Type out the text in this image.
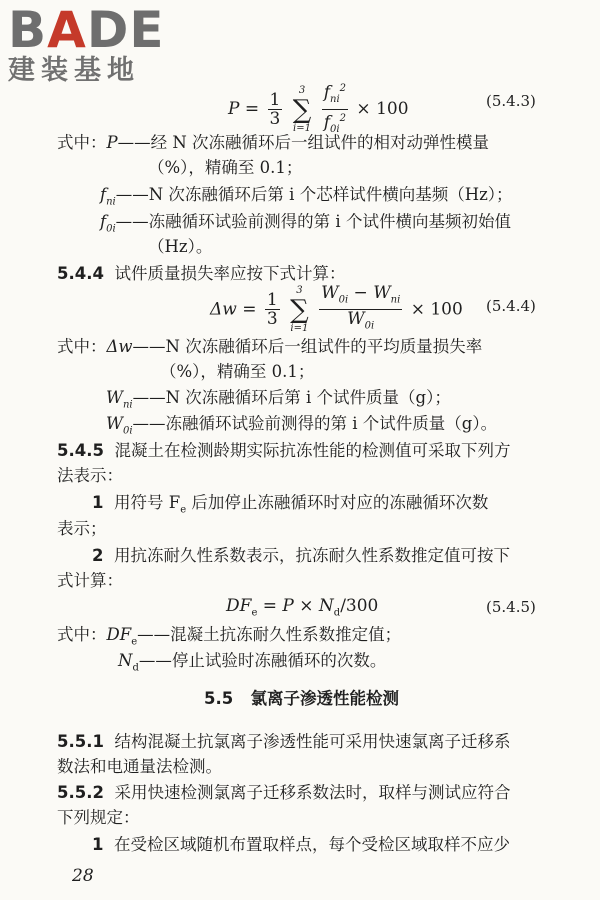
BADE
建装基地
$P = \frac{1}{3}$

3
∑
i=1
$\frac{f_{ni}^2}{f_{0i}^2} \times 100$	(5.4.3)
式中：P——经 N 次冻融循环后一组试件的相对动弹性模量
（%），精确至 0.1；
$f_{ni}——N$ 次冻融循环后第 i 个芯样试件横向基频（Hz）；
$f_{0i}——$冻融循环试验前测得的第 i 个试件横向基频初始值
（Hz）。
5.4.4 试件质量损失率应按下式计算：
$\Delta w = \frac{1}{3}$

3
∑
i=1
$\frac{W_{0i} - W_{ni}}{W_{0i}} \times 100$ (5.4.4)
式中：Δw——N 次冻融循环后一组试件的平均质量损失率
（%），精确至 0.1；
$W_{ni}——N$ 次冻融循环后第 i 个试件质量（g）；
$W_{0i}——$冻融循环试验前测得的第 i 个试件质量（g）。
5.4.5 混凝土在检测龄期实际抗冻性能的检测值可采取下列方
法表示：
1 用符号 $F_e$ 后加停止冻融循环时对应的冻融循环次数
表示；
2 用抗冻耐久性系数表示，抗冻耐久性系数推定值可按下
式计算：
$DF_e = P \times N_d/300$	(5.4.5)
式中：$DF_e——$混凝土抗冻耐久性系数推定值；
$N_d——$停止试验时冻融循环的次数。
5.5 氯离子渗透性能检测
5.5.1 结构混凝土抗氯离子渗透性能可采用快速氯离子迁移系
数法和电通量法检测。
5.5.2 采用快速检测氯离子迁移系数法时，取样与测试应符合
下列规定：
1 在受检区域随机布置取样点，每个受检区域取样不应少
28
